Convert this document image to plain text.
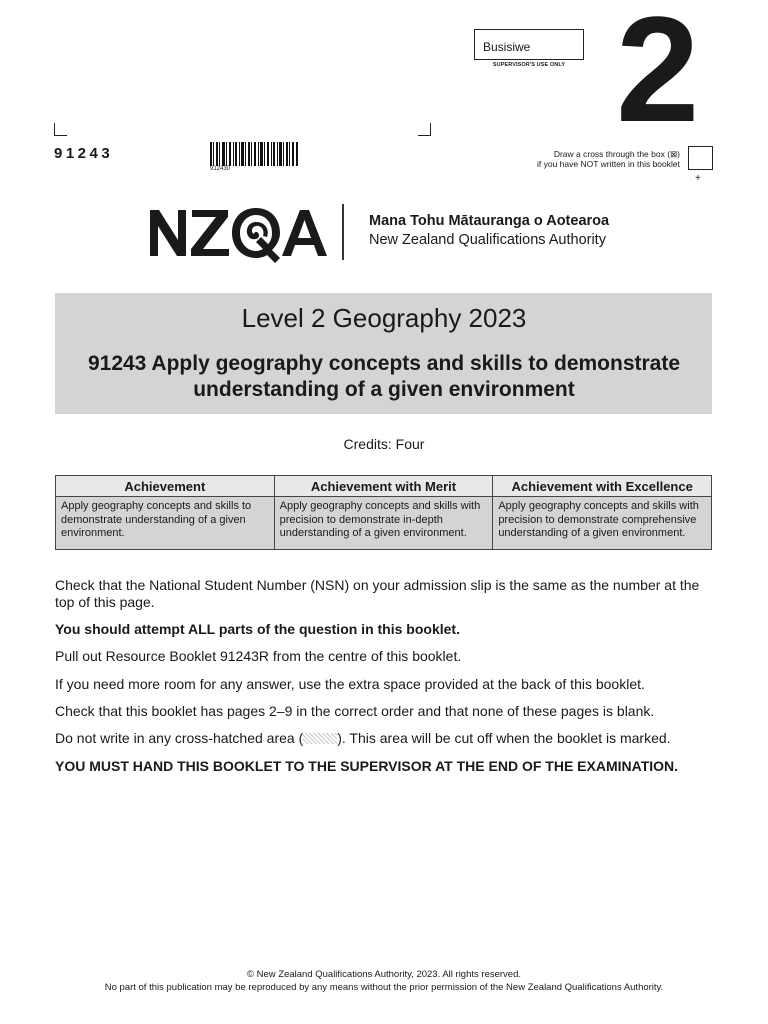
Busisiwe
SUPERVISOR'S USE ONLY 2
91243
912430
Draw a cross through the box (⊠)
if you have NOT written in this booklet
+
Mana Tohu Mātauranga o Aotearoa
New Zealand Qualifications Authority
Level 2 Geography 2023
91243 Apply geography concepts and skills to demonstrate understanding of a given environment
Credits: Four
Achievement	Achievement with Merit	Achievement with Excellence
Apply geography concepts and skills to demonstrate understanding of a given environment.	Apply geography concepts and skills with precision to demonstrate in-depth understanding of a given environment.	Apply geography concepts and skills with precision to demonstrate comprehensive understanding of a given environment.
Check that the National Student Number (NSN) on your admission slip is the same as the number at the top of this page.
You should attempt ALL parts of the question in this booklet.
Pull out Resource Booklet 91243R from the centre of this booklet.
If you need more room for any answer, use the extra space provided at the back of this booklet.
Check that this booklet has pages 2–9 in the correct order and that none of these pages is blank.
Do not write in any cross-hatched area ( ). This area will be cut off when the booklet is marked.
YOU MUST HAND THIS BOOKLET TO THE SUPERVISOR AT THE END OF THE EXAMINATION.
© New Zealand Qualifications Authority, 2023. All rights reserved.
No part of this publication may be reproduced by any means without the prior permission of the New Zealand Qualifications Authority.
